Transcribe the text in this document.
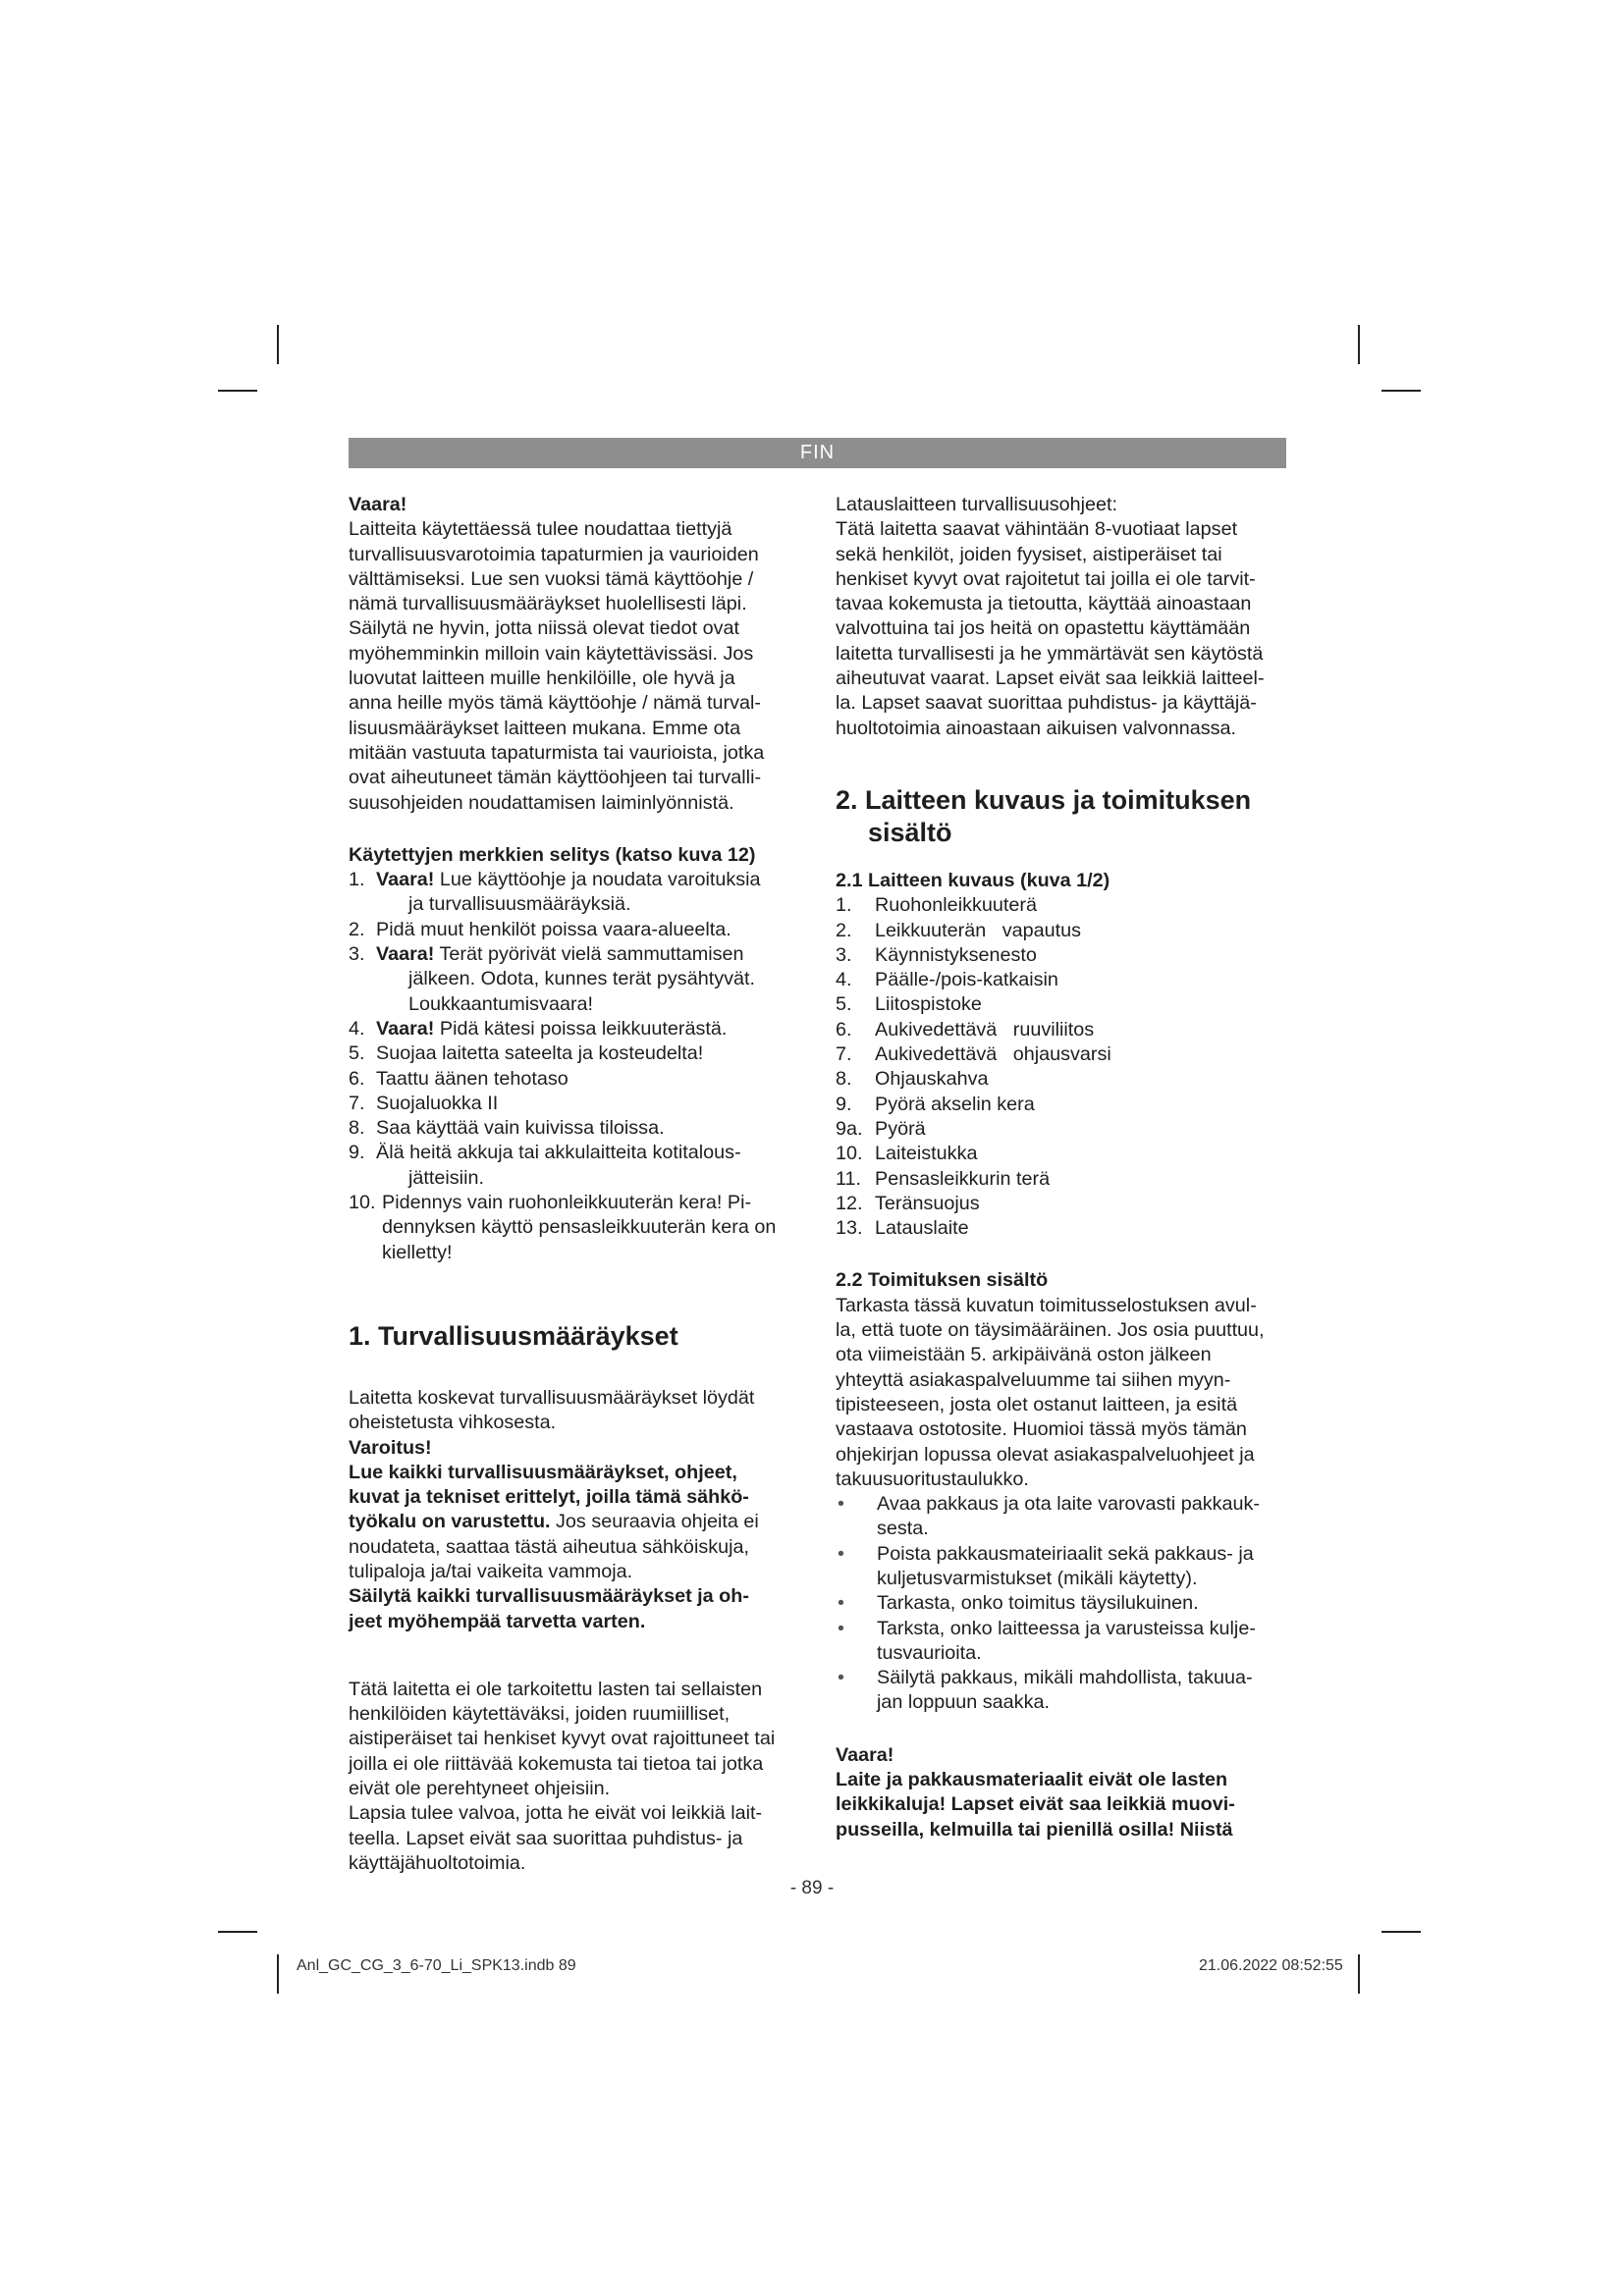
FIN

Vaara!

Laitteita käytettäessä tulee noudattaa tiettyjä

turvallisuusvarotoimia tapaturmien ja vaurioiden

välttämiseksi. Lue sen vuoksi tämä käyttöohje /

nämä turvallisuusmääräykset huolellisesti läpi.

Säilytä ne hyvin, jotta niissä olevat tiedot ovat

myöhemminkin milloin vain käytettävissäsi. Jos

luovutat laitteen muille henkilöille, ole hyvä ja

anna heille myös tämä käyttöohje / nämä turval-

lisuusmääräykset laitteen mukana. Emme ota

mitään vastuuta tapaturmista tai vaurioista, jotka

ovat aiheutuneet tämän käyttöohjeen tai turvalli-

suusohjeiden noudattamisen laiminlyönnistä.

Käytettyjen merkkien selitys (katso kuva 12)

1. Vaara! Lue käyttöohje ja noudata varoituksia
ja turvallisuusmääräyksiä.
2. Pidä muut henkilöt poissa vaara-alueelta.
3. Vaara! Terät pyörivät vielä sammuttamisen
jälkeen. Odota, kunnes terät pysähtyvät.
Loukkaantumisvaara!
4. Vaara! Pidä kätesi poissa leikkuuterästä.
5. Suojaa laitetta sateelta ja kosteudelta!
6. Taattu äänen tehotaso
7. Suojaluokka II
8. Saa käyttää vain kuivissa tiloissa.
9. Älä heitä akkuja tai akkulaitteita kotitalous-
jätteisiin.
10. Pidennys vain ruohonleikkuuterän kera! Pi-
dennyksen käyttö pensasleikkuuterän kera on
kielletty!

1. Turvallisuusmääräykset

Laitetta koskevat turvallisuusmääräykset löydät

oheistetusta vihkosesta.

Varoitus!

Lue kaikki turvallisuusmääräykset, ohjeet,

kuvat ja tekniset erittelyt, joilla tämä sähkö-

työkalu on varustettu. Jos seuraavia ohjeita ei

noudateta, saattaa tästä aiheutua sähköiskuja,

tulipaloja ja/tai vaikeita vammoja.

Säilytä kaikki turvallisuusmääräykset ja oh-

jeet myöhempää tarvetta varten.

Tätä laitetta ei ole tarkoitettu lasten tai sellaisten

henkilöiden käytettäväksi, joiden ruumiilliset,

aistiperäiset tai henkiset kyvyt ovat rajoittuneet tai

joilla ei ole riittävää kokemusta tai tietoa tai jotka

eivät ole perehtyneet ohjeisiin.

Lapsia tulee valvoa, jotta he eivät voi leikkiä lait-

teella. Lapset eivät saa suorittaa puhdistus- ja

käyttäjähuoltotoimia.

Latauslaitteen turvallisuusohjeet:

Tätä laitetta saavat vähintään 8-vuotiaat lapset

sekä henkilöt, joiden fyysiset, aistiperäiset tai

henkiset kyvyt ovat rajoitetut tai joilla ei ole tarvit-

tavaa kokemusta ja tietoutta, käyttää ainoastaan

valvottuina tai jos heitä on opastettu käyttämään

laitetta turvallisesti ja he ymmärtävät sen käytöstä

aiheutuvat vaarat. Lapset eivät saa leikkiä laitteel-

la. Lapset saavat suorittaa puhdistus- ja käyttäjä-

huoltotoimia ainoastaan aikuisen valvonnassa.

2. Laitteen kuvaus ja toimituksen

sisältö

2.1 Laitteen kuvaus (kuva 1/2)

1.	Ruohonleikkuuterä
2.	Leikkuuterän   vapautus
3.	Käynnistyksenesto
4.	Päälle-/pois-katkaisin
5.	Liitospistoke
6.	Aukivedettävä   ruuviliitos
7.	Aukivedettävä   ohjausvarsi
8.	Ohjauskahva
9.	Pyörä akselin kera
9a. Pyörä
10. Laiteistukka
11. Pensasleikkurin terä
12. Teränsuojus
13. Latauslaite

2.2 Toimituksen sisältö

Tarkasta tässä kuvatun toimitusselostuksen avul-

la, että tuote on täysimääräinen. Jos osia puuttuu,

ota viimeistään 5. arkipäivänä oston jälkeen

yhteyttä asiakaspalveluumme tai siihen myyn-

tipisteeseen, josta olet ostanut laitteen, ja esitä

vastaava ostotosite. Huomioi tässä myös tämän

ohjekirjan lopussa olevat asiakaspalveluohjeet ja

takuusuoritustaulukko.

•	Avaa pakkaus ja ota laite varovasti pakkauk-
sesta.
•	Poista pakkausmateiriaalit sekä pakkaus- ja
kuljetusvarmistukset (mikäli käytetty).
•	Tarkasta, onko toimitus täysilukuinen.
•	Tarksta, onko laitteessa ja varusteissa kulje-
tusvaurioita.
•	Säilytä pakkaus, mikäli mahdollista, takuua-
jan loppuun saakka.

Vaara!

Laite ja pakkausmateriaalit eivät ole lasten

leikkikaluja! Lapset eivät saa leikkiä muovi-

pusseilla, kelmuilla tai pienillä osilla! Niistä

- 89 -
Anl_GC_CG_3_6-70_Li_SPK13.indb 89	21.06.2022 08:52:55
